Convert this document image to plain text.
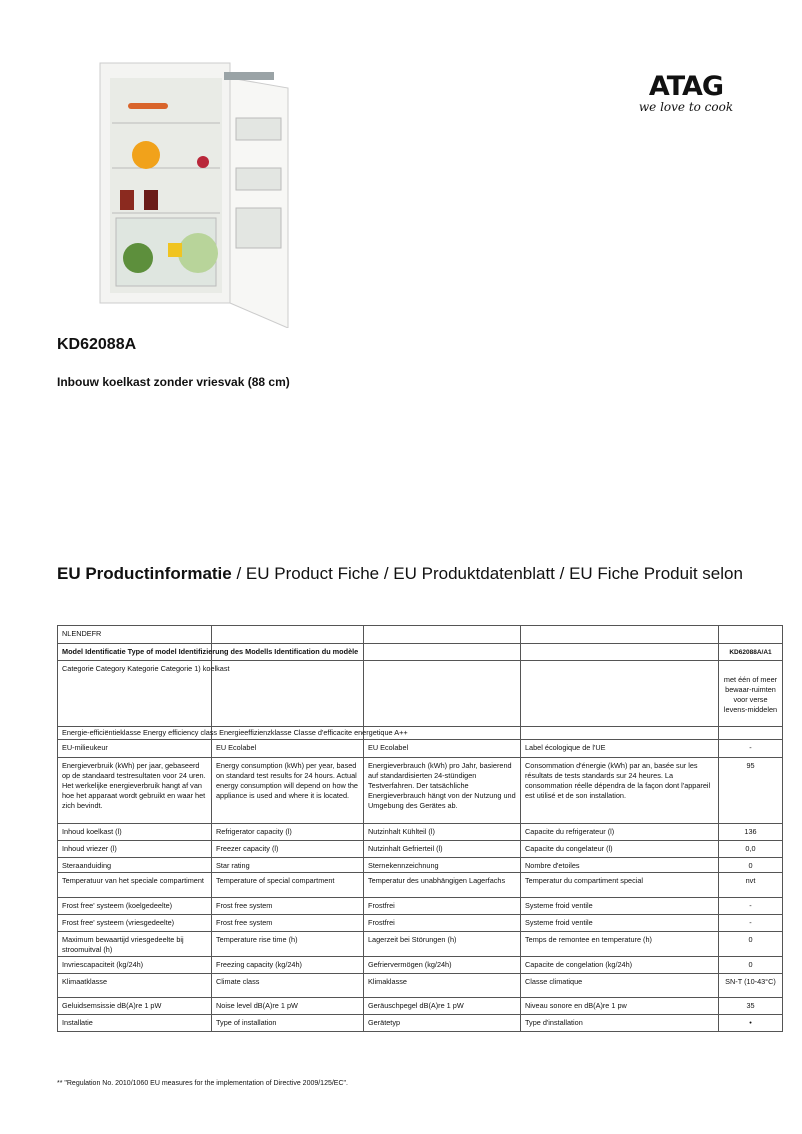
ATAG
we love to cook
KD62088A
Inbouw koelkast zonder vriesvak (88 cm)
EU Productinformatie / EU Product Fiche / EU Produktdatenblatt / EU Fiche Produit selon
NLENDEFR				
Model Identificatie Type of model Identifizierung des Modells Identification du modèle				KD62088A/A1
Categorie Category Kategorie Categorie 1) koelkast				met één of meer bewaar-ruimten voor verse levens-middelen
Energie-efficiëntieklasse Energy efficiency class Energieeffizienzklasse Classe d'efficacite energetique A++				
EU-milieukeur	EU Ecolabel	EU Ecolabel	Label écologique de l'UE	-
Energieverbruik (kWh) per jaar, gebaseerd op de standaard testresultaten voor 24 uren. Het werkelijke energieverbruik hangt af van hoe het apparaat wordt gebruikt en waar het zich bevindt.	Energy consumption (kWh) per year, based on standard test results for 24 hours. Actual energy consumption will depend on how the appliance is used and where it is located.	Energieverbrauch (kWh) pro Jahr, basierend auf standardisierten 24-stündigen Testverfahren. Der tatsächliche Energieverbrauch hängt von der Nutzung und Umgebung des Gerätes ab.	Consommation d'énergie (kWh) par an, basée sur les résultats de tests standards sur 24 heures. La consommation réelle dépendra de la façon dont l'appareil est utilisé et de son installation.	95
Inhoud koelkast (l)	Refrigerator capacity (l)	Nutzinhalt Kühlteil (l)	Capacite du refrigerateur (l)	136
Inhoud vriezer (l)	Freezer capacity (l)	Nutzinhalt Gefrierteil (l)	Capacite du congelateur (l)	0,0
Steraanduiding	Star rating	Sternekennzeichnung	Nombre d'etoiles	0
Temperatuur van het speciale compartiment	Temperature of special compartment	Temperatur des unabhängigen Lagerfachs	Temperatur du compartiment special	nvt
Frost free' systeem (koelgedeelte)	Frost free system	Frostfrei	Systeme froid ventile	-
Frost free' systeem (vriesgedeelte)	Frost free system	Frostfrei	Systeme froid ventile	-
Maximum bewaartijd vriesgedeelte bij stroomuitval (h)	Temperature rise time (h)	Lagerzeit bei Störungen (h)	Temps de remontee en temperature (h)	0
Invriescapaciteit (kg/24h)	Freezing capacity (kg/24h)	Gefriervermögen (kg/24h)	Capacite de congelation (kg/24h)	0
Klimaatklasse	Climate class	Klimaklasse	Classe climatique	SN-T (10-43°C)
Geluidsemsissie dB(A)re 1 pW	Noise level dB(A)re 1 pW	Geräuschpegel dB(A)re 1 pW	Niveau sonore en dB(A)re 1 pw	35
Installatie	Type of installation	Gerätetyp	Type d'installation	•
** "Regulation No. 2010/1060 EU measures for the implementation of Directive 2009/125/EC".
